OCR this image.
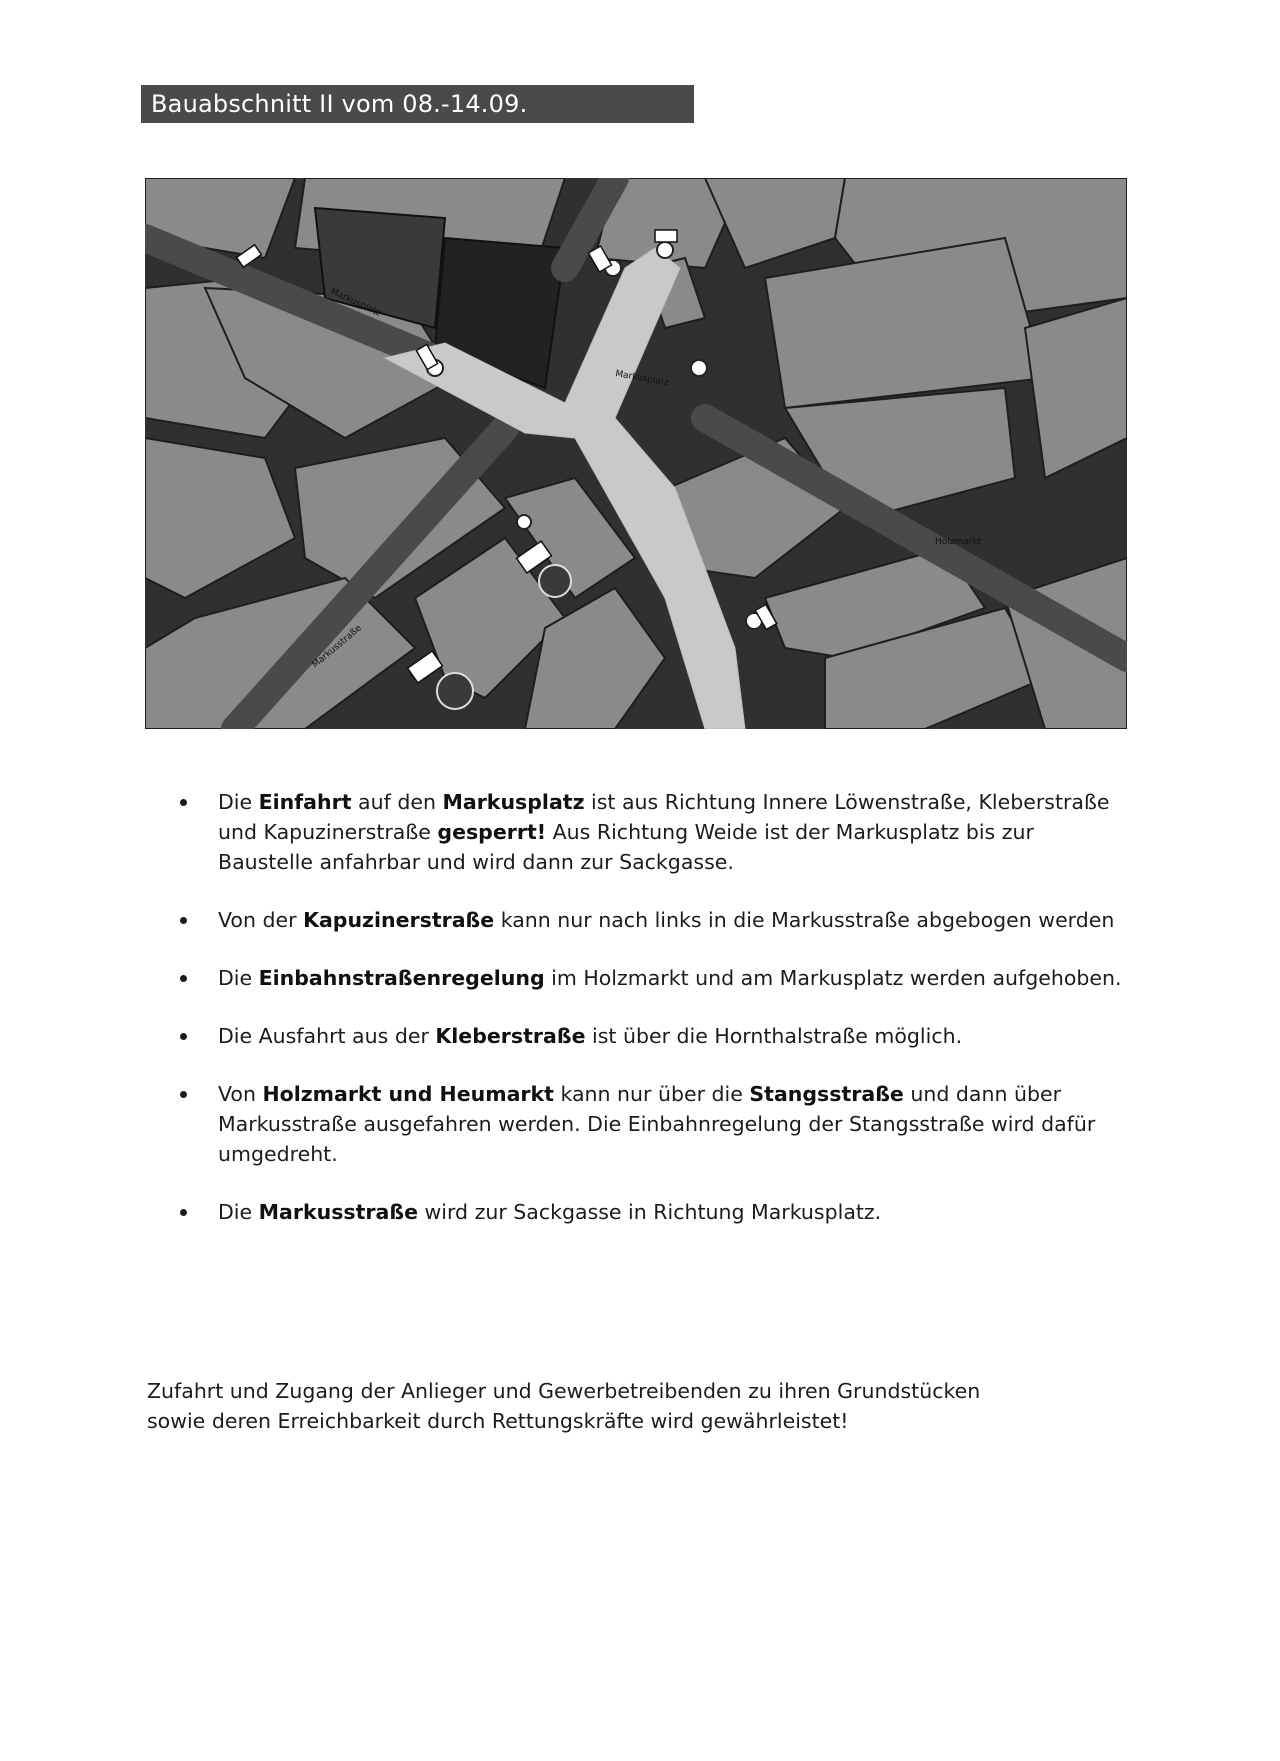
Bauabschnitt II vom 08.-14.09.
Markusplatz
Markusplatz
Holzmarkt
Markusstraße
Die Einfahrt auf den Markusplatz ist aus Richtung Innere Löwenstraße, Kleberstraße und Kapuzinerstraße gesperrt! Aus Richtung Weide ist der Markusplatz bis zur Baustelle anfahrbar und wird dann zur Sackgasse.
Von der Kapuzinerstraße kann nur nach links in die Markusstraße abgebogen werden
Die Einbahnstraßenregelung im Holzmarkt und am Markusplatz werden aufgehoben.
Die Ausfahrt aus der Kleberstraße ist über die Hornthalstraße möglich.
Von Holzmarkt und Heumarkt kann nur über die Stangsstraße und dann über Markusstraße ausgefahren werden. Die Einbahnregelung der Stangsstraße wird dafür umgedreht.
Die Markusstraße wird zur Sackgasse in Richtung Markusplatz.

Zufahrt und Zugang der Anlieger und Gewerbetreibenden zu ihren Grundstücken
sowie deren Erreichbarkeit durch Rettungskräfte wird gewährleistet!
